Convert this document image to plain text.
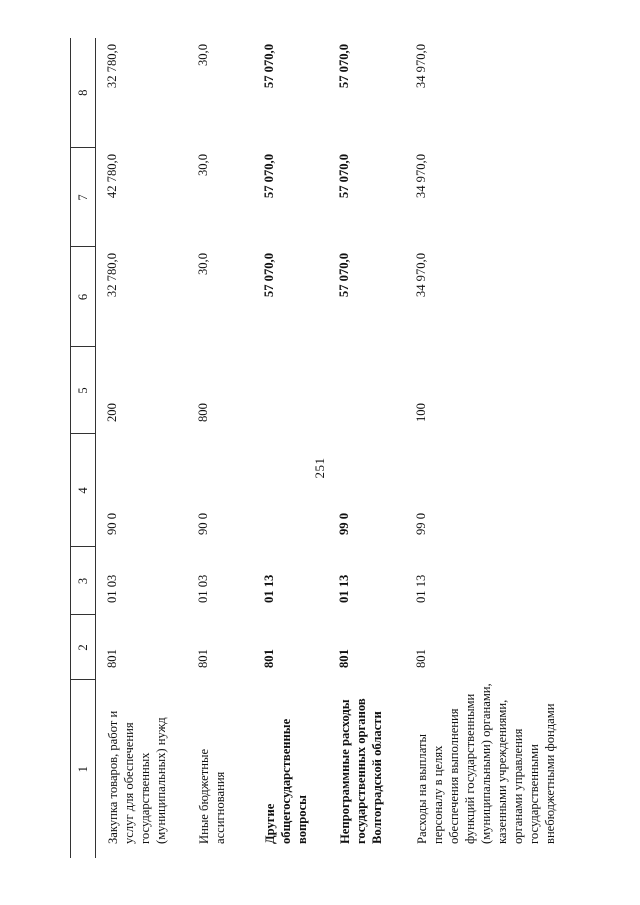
251
1	2	3	4	5	6	7	8
Закупка товаров, работ и услуг для обеспечения государственных (муниципальных) нужд	801	01 03	90 0	200	32 780,0	42 780,0	32 780,0
Иные бюджетные ассигнования	801	01 03	90 0	800	30,0	30,0	30,0
Другие общегосударственные вопросы	801	01 13			57 070,0	57 070,0	57 070,0
Непрограммные расходы государственных органов Волгоградской области	801	01 13	99 0		57 070,0	57 070,0	57 070,0
Расходы на выплаты персоналу в целях обеспечения выполнения функций государственными (муниципальными) органами, казенными учреждениями, органами управления государственными внебюджетными фондами	801	01 13	99 0	100	34 970,0	34 970,0	34 970,0
